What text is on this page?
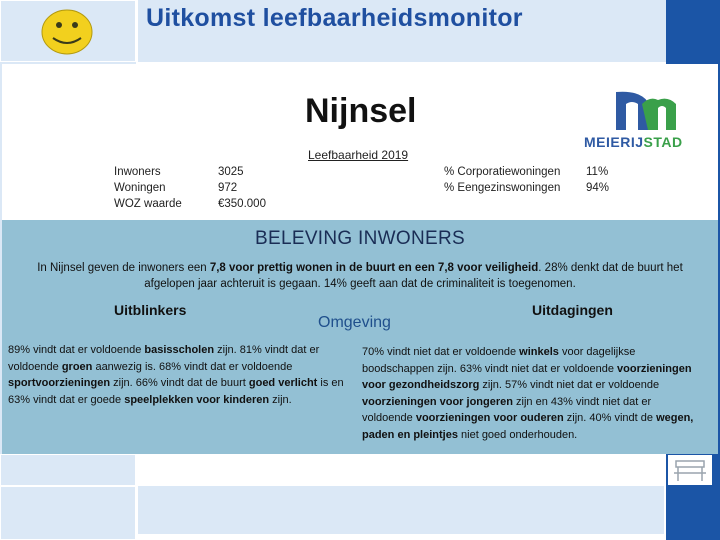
Uitkomst leefbaarheidsmonitor
Nijnsel
Leefbaarheid 2019
MEIERIJSTAD
Inwoners	3025
Woningen	972
WOZ waarde	€350.000
% Corporatiewoningen	11%
% Eengezinswoningen	94%
BELEVING INWONERS
In Nijnsel geven de inwoners een 7,8 voor prettig wonen in de buurt en een 7,8 voor veiligheid. 28% denkt dat de buurt het afgelopen jaar achteruit is gegaan. 14% geeft aan dat de criminaliteit is toegenomen.
Uitblinkers	Uitdagingen
Omgeving
89% vindt dat er voldoende basisscholen zijn. 81% vindt dat er voldoende groen aanwezig is. 68% vindt dat er voldoende sportvoorzieningen zijn. 66% vindt dat de buurt goed verlicht is en 63% vindt dat er goede speelplekken voor kinderen zijn.
70% vindt niet dat er voldoende winkels voor dagelijkse boodschappen zijn. 63% vindt niet dat er voldoende voorzieningen voor gezondheidszorg zijn. 57% vindt niet dat er voldoende voorzieningen voor jongeren zijn en 43% vindt niet dat er voldoende voorzieningen voor ouderen zijn. 40% vindt de wegen, paden en pleintjes niet goed onderhouden.
